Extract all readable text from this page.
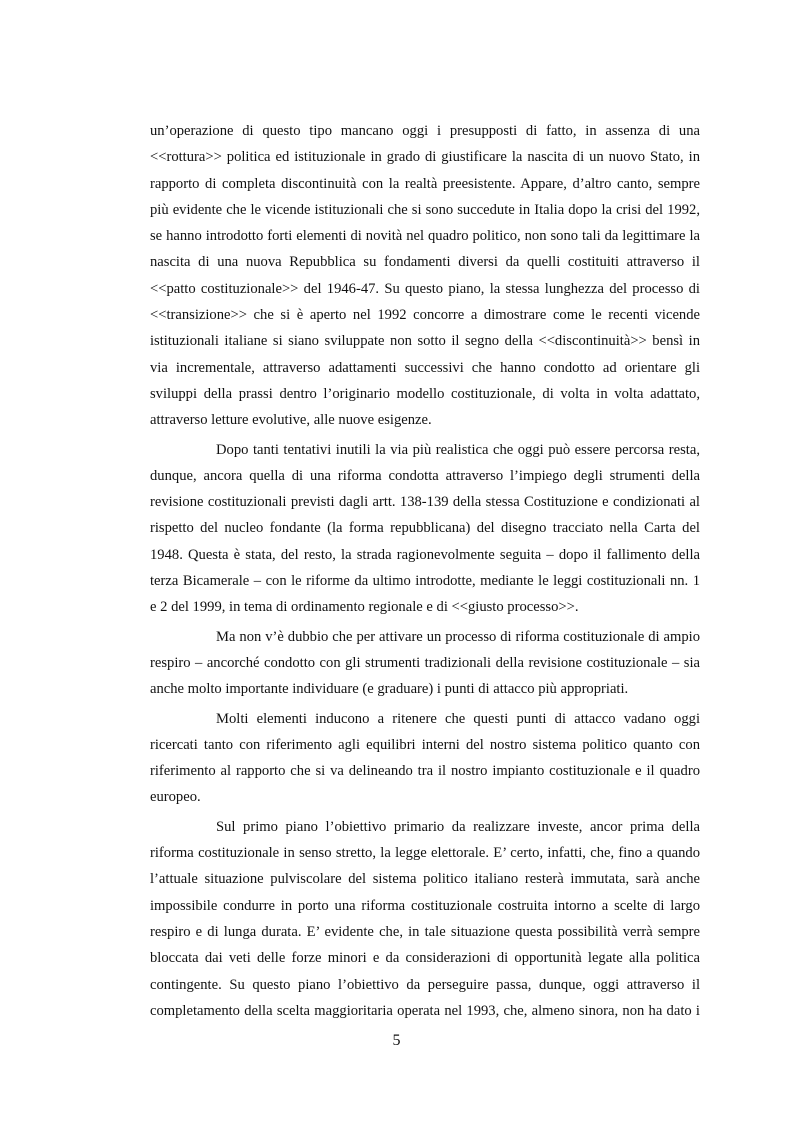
un’operazione di questo tipo mancano oggi i presupposti di fatto, in assenza di una
<<rottura>> politica ed istituzionale in grado di giustificare la nascita di un nuovo Stato, in
rapporto di completa discontinuità con la realtà preesistente. Appare, d’altro canto, sempre
più evidente che le vicende istituzionali che si sono succedute in Italia dopo la crisi del 1992,
se hanno introdotto forti elementi di novità nel quadro politico, non sono tali da legittimare la
nascita di una nuova Repubblica su fondamenti diversi da quelli costituiti attraverso il
<<patto costituzionale>> del 1946-47. Su questo piano, la stessa lunghezza del processo di
<<transizione>> che si è aperto nel 1992 concorre a dimostrare come le recenti vicende
istituzionali italiane si siano sviluppate non sotto il segno della <<discontinuità>> bensì in
via incrementale, attraverso adattamenti successivi che hanno condotto ad orientare gli
sviluppi della prassi dentro l’originario modello costituzionale, di volta in volta adattato,
attraverso letture evolutive, alle nuove esigenze.
Dopo tanti tentativi inutili la via più realistica che oggi può essere percorsa resta,
dunque, ancora quella di una riforma condotta attraverso l’impiego degli strumenti della
revisione costituzionali previsti dagli artt. 138-139 della stessa Costituzione e condizionati al
rispetto del nucleo fondante (la forma repubblicana) del disegno tracciato nella Carta del
1948. Questa è stata, del resto, la strada ragionevolmente seguita – dopo il fallimento della
terza Bicamerale – con le riforme da ultimo introdotte, mediante le leggi costituzionali nn. 1
e 2 del 1999, in tema di ordinamento regionale e di <<giusto processo>>.
Ma non v’è dubbio che per attivare un processo di riforma costituzionale di ampio
respiro – ancorché condotto con gli strumenti tradizionali della revisione costituzionale – sia
anche molto importante individuare (e graduare) i punti di attacco più appropriati.
Molti elementi inducono a ritenere che questi punti di attacco vadano oggi
ricercati tanto con riferimento agli equilibri interni del nostro sistema politico quanto con
riferimento al rapporto che si va delineando tra il nostro impianto costituzionale e il quadro
europeo.
Sul primo piano l’obiettivo primario da realizzare investe, ancor prima della
riforma costituzionale in senso stretto, la legge elettorale. E’ certo, infatti, che, fino a quando
l’attuale situazione pulviscolare del sistema politico italiano resterà immutata, sarà anche
impossibile condurre in porto una riforma costituzionale costruita intorno a scelte di largo
respiro e di lunga durata. E’ evidente che, in tale situazione questa possibilità verrà sempre
bloccata dai veti delle forze minori e da considerazioni di opportunità legate alla politica
contingente. Su questo piano l’obiettivo da perseguire passa, dunque, oggi attraverso il
completamento della scelta maggioritaria operata nel 1993, che, almeno sinora, non ha dato i
5
